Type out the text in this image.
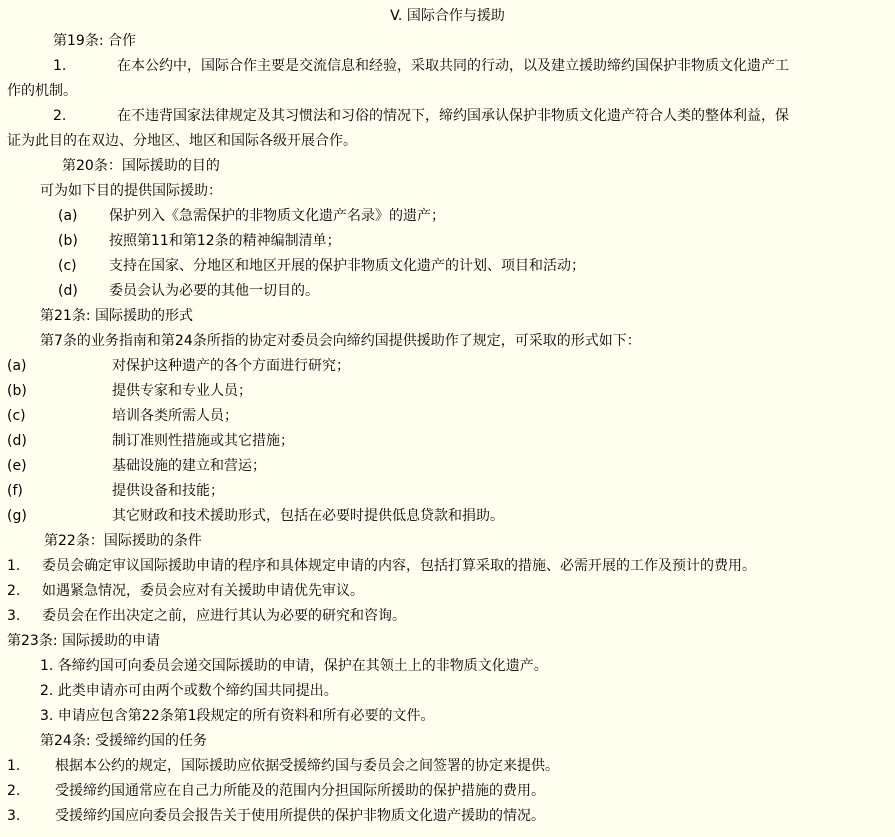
V. 国际合作与援助
第19条: 合作
1.	在本公约中，国际合作主要是交流信息和经验，采取共同的行动，以及建立援助缔约国保护非物质文化遗产工
作的机制。
2.	在不违背国家法律规定及其习惯法和习俗的情况下，缔约国承认保护非物质文化遗产符合人类的整体利益，保
证为此目的在双边、分地区、地区和国际各级开展合作。
第20条：国际援助的目的
可为如下目的提供国际援助：
(a) 保护列入《急需保护的非物质文化遗产名录》的遗产；
(b) 按照第11和第12条的精神编制清单；
(c) 支持在国家、分地区和地区开展的保护非物质文化遗产的计划、项目和活动；
(d) 委员会认为必要的其他一切目的。
第21条: 国际援助的形式
第7条的业务指南和第24条所指的协定对委员会向缔约国提供援助作了规定，可采取的形式如下：
(a)	对保护这种遗产的各个方面进行研究；
(b)	提供专家和专业人员；
(c)	培训各类所需人员；
(d)	制订准则性措施或其它措施；
(e)	基础设施的建立和营运；
(f)	提供设备和技能；
(g)	其它财政和技术援助形式，包括在必要时提供低息贷款和捐助。
第22条：国际援助的条件
1. 委员会确定审议国际援助申请的程序和具体规定申请的内容，包括打算采取的措施、必需开展的工作及预计的费用。
2. 如遇紧急情况，委员会应对有关援助申请优先审议。
3. 委员会在作出决定之前，应进行其认为必要的研究和咨询。
第23条: 国际援助的申请
1. 各缔约国可向委员会递交国际援助的申请，保护在其领土上的非物质文化遗产。
2. 此类申请亦可由两个或数个缔约国共同提出。
3. 申请应包含第22条第1段规定的所有资料和所有必要的文件。
第24条: 受援缔约国的任务
1. 根据本公约的规定，国际援助应依据受援缔约国与委员会之间签署的协定来提供。
2. 受援缔约国通常应在自己力所能及的范围内分担国际所援助的保护措施的费用。
3. 受援缔约国应向委员会报告关于使用所提供的保护非物质文化遗产援助的情况。
